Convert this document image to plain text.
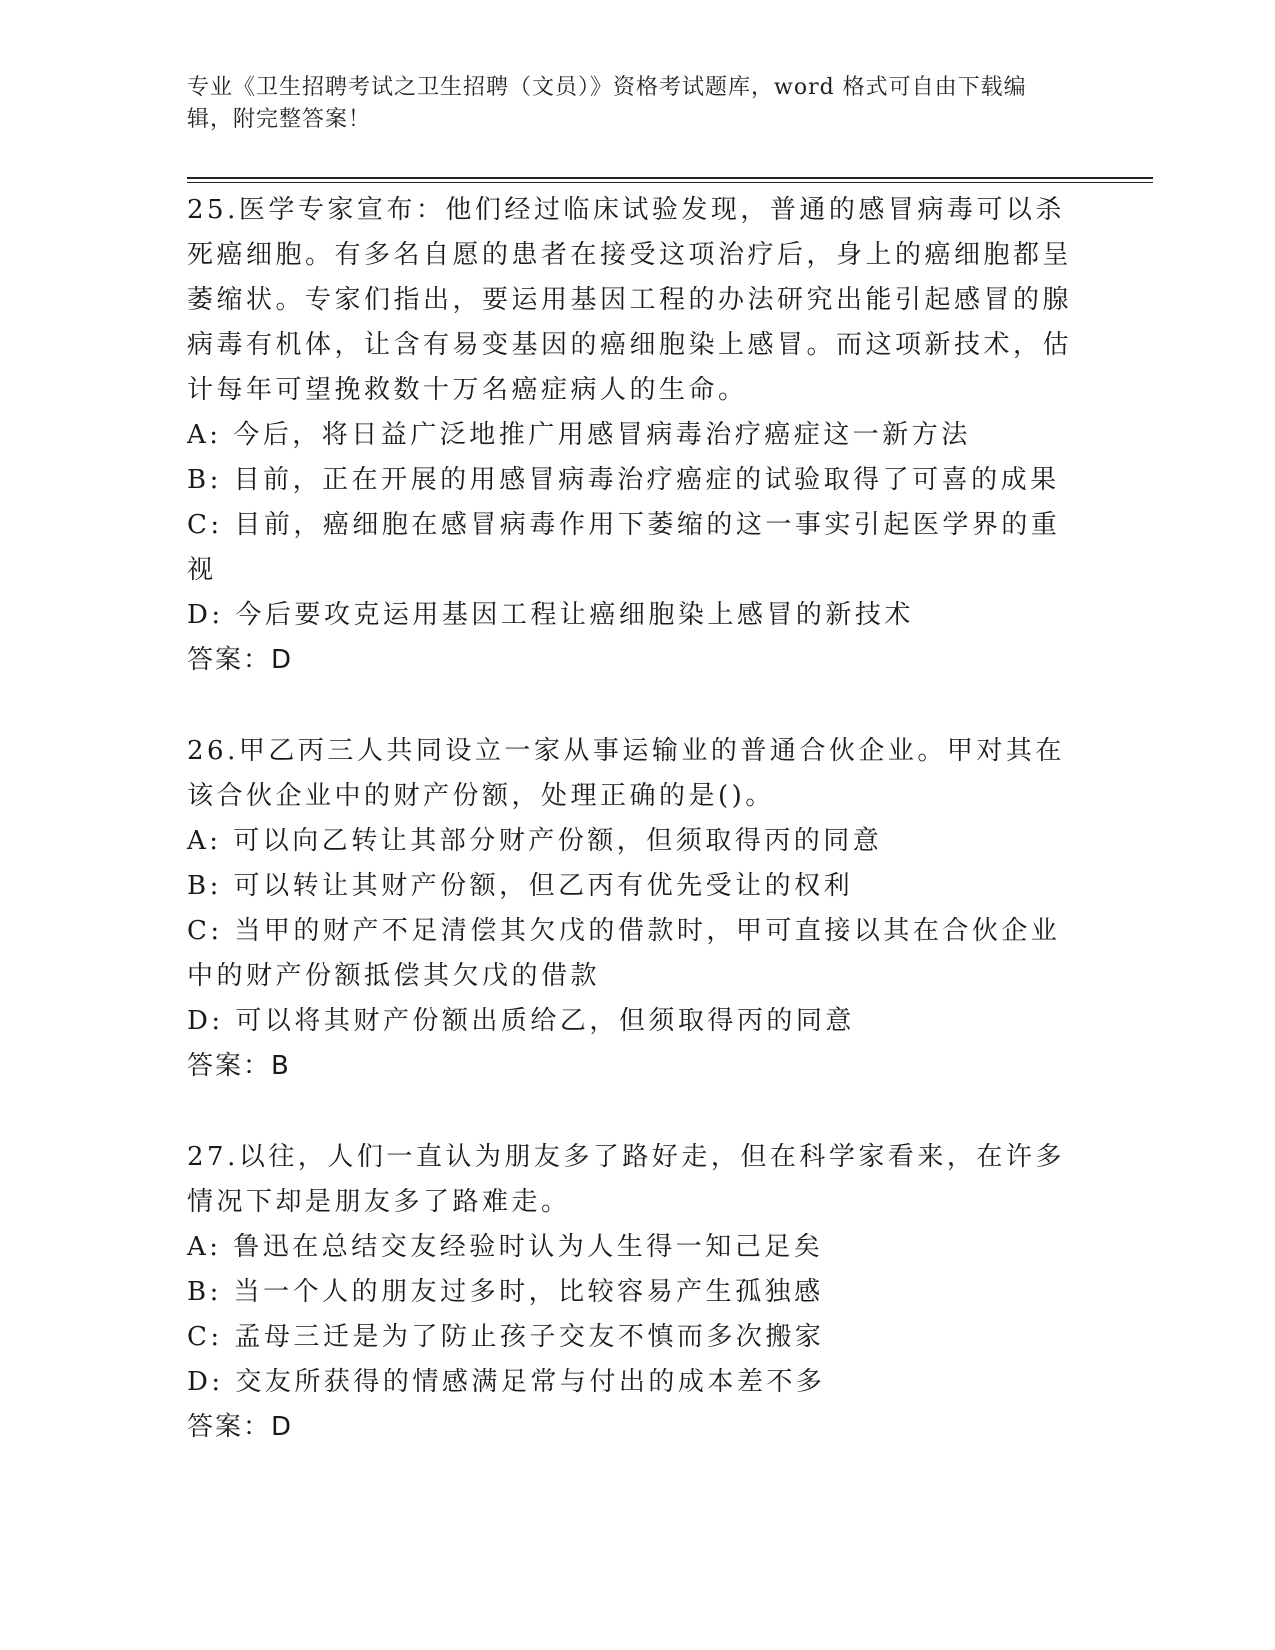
专业《卫生招聘考试之卫生招聘（文员）》资格考试题库，word 格式可自由下载编辑，附完整答案！

25.医学专家宣布：他们经过临床试验发现，普通的感冒病毒可以杀死癌细胞。有多名自愿的患者在接受这项治疗后，身上的癌细胞都呈萎缩状。专家们指出，要运用基因工程的办法研究出能引起感冒的腺病毒有机体，让含有易变基因的癌细胞染上感冒。而这项新技术，估计每年可望挽救数十万名癌症病人的生命。

A: 今后，将日益广泛地推广用感冒病毒治疗癌症这一新方法

B: 目前，正在开展的用感冒病毒治疗癌症的试验取得了可喜的成果

C: 目前，癌细胞在感冒病毒作用下萎缩的这一事实引起医学界的重视

D: 今后要攻克运用基因工程让癌细胞染上感冒的新技术

答案：D

26.甲乙丙三人共同设立一家从事运输业的普通合伙企业。甲对其在该合伙企业中的财产份额，处理正确的是()。

A: 可以向乙转让其部分财产份额，但须取得丙的同意

B: 可以转让其财产份额，但乙丙有优先受让的权利

C: 当甲的财产不足清偿其欠戊的借款时，甲可直接以其在合伙企业中的财产份额抵偿其欠戊的借款

D: 可以将其财产份额出质给乙，但须取得丙的同意

答案：B

27.以往，人们一直认为朋友多了路好走，但在科学家看来，在许多情况下却是朋友多了路难走。

A: 鲁迅在总结交友经验时认为人生得一知己足矣

B: 当一个人的朋友过多时，比较容易产生孤独感

C: 孟母三迁是为了防止孩子交友不慎而多次搬家

D: 交友所获得的情感满足常与付出的成本差不多

答案：D
